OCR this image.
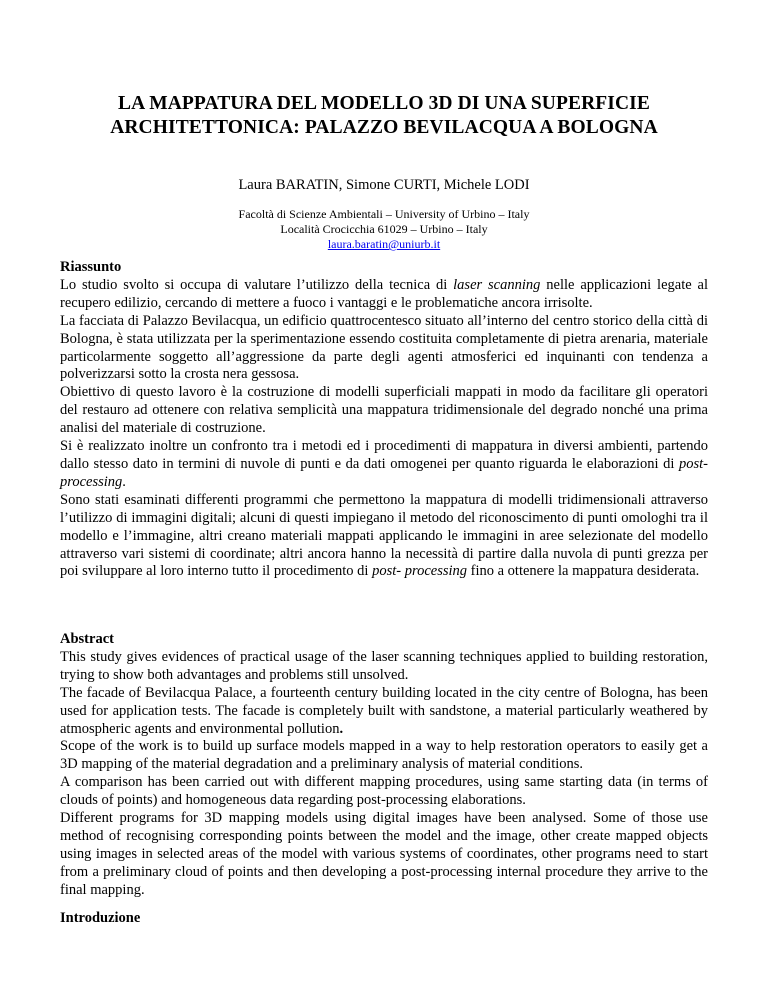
LA MAPPATURA DEL MODELLO 3D DI UNA SUPERFICIE
ARCHITETTONICA: PALAZZO BEVILACQUA A BOLOGNA
Laura BARATIN, Simone CURTI, Michele LODI
Facoltà di Scienze Ambientali – University of Urbino – Italy
Località Crocicchia 61029 – Urbino – Italy
laura.baratin@uniurb.it
Riassunto

Lo studio svolto si occupa di valutare l’utilizzo della tecnica di laser scanning nelle applicazioni legate al recupero edilizio, cercando di mettere a fuoco i vantaggi e le problematiche ancora irrisolte.

La facciata di Palazzo Bevilacqua, un edificio quattrocentesco situato all’interno del centro storico della città di Bologna, è stata utilizzata per la sperimentazione essendo costituita completamente di pietra arenaria, materiale particolarmente soggetto all’aggressione da parte degli agenti atmosferici ed inquinanti con tendenza a polverizzarsi sotto la crosta nera gessosa.

Obiettivo di questo lavoro è la costruzione di modelli superficiali mappati in modo da facilitare gli operatori del restauro ad ottenere con relativa semplicità una mappatura tridimensionale del degrado nonché una prima analisi del materiale di costruzione.

Si è realizzato inoltre un confronto tra i metodi ed i procedimenti di mappatura in diversi ambienti, partendo dallo stesso dato in termini di nuvole di punti e da dati omogenei per quanto riguarda le elaborazioni di post- processing.

Sono stati esaminati differenti programmi che permettono la mappatura di modelli tridimensionali attraverso l’utilizzo di immagini digitali; alcuni di questi impiegano il metodo del riconoscimento di punti omologhi tra il modello e l’immagine, altri creano materiali mappati applicando le immagini in aree selezionate del modello attraverso vari sistemi di coordinate; altri ancora hanno la necessità di partire dalla nuvola di punti grezza per poi sviluppare al loro interno tutto il procedimento di post- processing fino a ottenere la mappatura desiderata.

Abstract

This study gives evidences of practical usage of the laser scanning techniques applied to building restoration, trying to show both advantages and problems still unsolved.

The facade of Bevilacqua Palace, a fourteenth century building located in the city centre of Bologna, has been used for application tests. The facade is completely built with sandstone, a material particularly weathered by atmospheric agents and environmental pollution.

Scope of the work is to build up surface models mapped in a way to help restoration operators to easily get a 3D mapping of the material degradation and a preliminary analysis of material conditions.

A comparison has been carried out with different mapping procedures, using same starting data (in terms of clouds of points) and homogeneous data regarding post-processing elaborations.

Different programs for 3D mapping models using digital images have been analysed. Some of those use method of recognising corresponding points between the model and the image, other create mapped objects using images in selected areas of the model with various systems of coordinates, other programs need to start from a preliminary cloud of points and then developing a post-processing internal procedure they arrive to the final mapping.

Introduzione
